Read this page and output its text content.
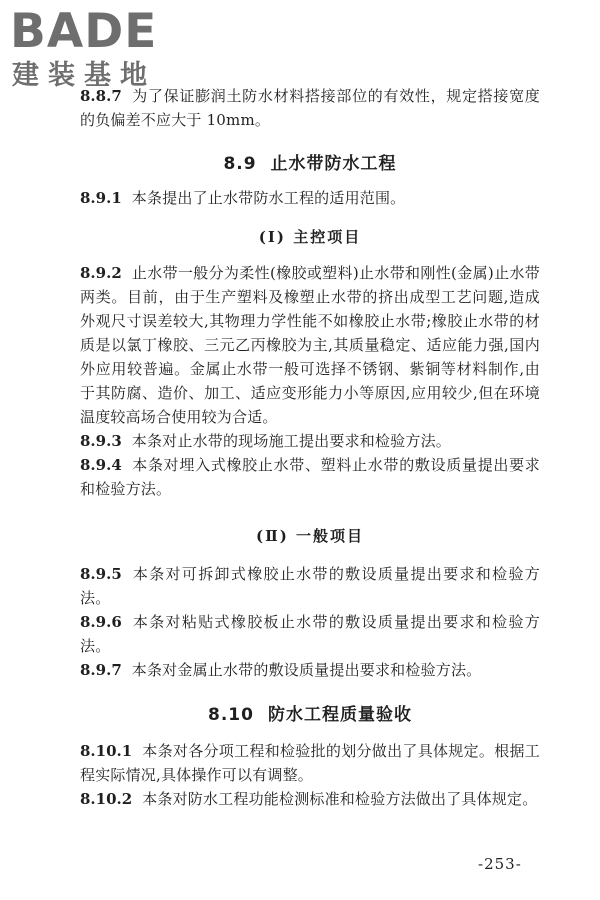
BADE
建装基地

8.8.7 为了保证膨润土防水材料搭接部位的有效性，规定搭接宽度的负偏差不应大于 10mm。

8.9 止水带防水工程

8.9.1 本条提出了止水带防水工程的适用范围。

(Ⅰ) 主控项目

8.9.2 止水带一般分为柔性(橡胶或塑料)止水带和刚性(金属)止水带两类。目前，由于生产塑料及橡塑止水带的挤出成型工艺问题,造成外观尺寸误差较大,其物理力学性能不如橡胶止水带;橡胶止水带的材质是以氯丁橡胶、三元乙丙橡胶为主,其质量稳定、适应能力强,国内外应用较普遍。金属止水带一般可选择不锈钢、紫铜等材料制作,由于其防腐、造价、加工、适应变形能力小等原因,应用较少,但在环境温度较高场合使用较为合适。

8.9.3 本条对止水带的现场施工提出要求和检验方法。

8.9.4 本条对埋入式橡胶止水带、塑料止水带的敷设质量提出要求和检验方法。

(Ⅱ) 一般项目

8.9.5 本条对可拆卸式橡胶止水带的敷设质量提出要求和检验方法。

8.9.6 本条对粘贴式橡胶板止水带的敷设质量提出要求和检验方法。

8.9.7 本条对金属止水带的敷设质量提出要求和检验方法。

8.10 防水工程质量验收

8.10.1 本条对各分项工程和检验批的划分做出了具体规定。根据工程实际情况,具体操作可以有调整。

8.10.2 本条对防水工程功能检测标准和检验方法做出了具体规定。

-253-
